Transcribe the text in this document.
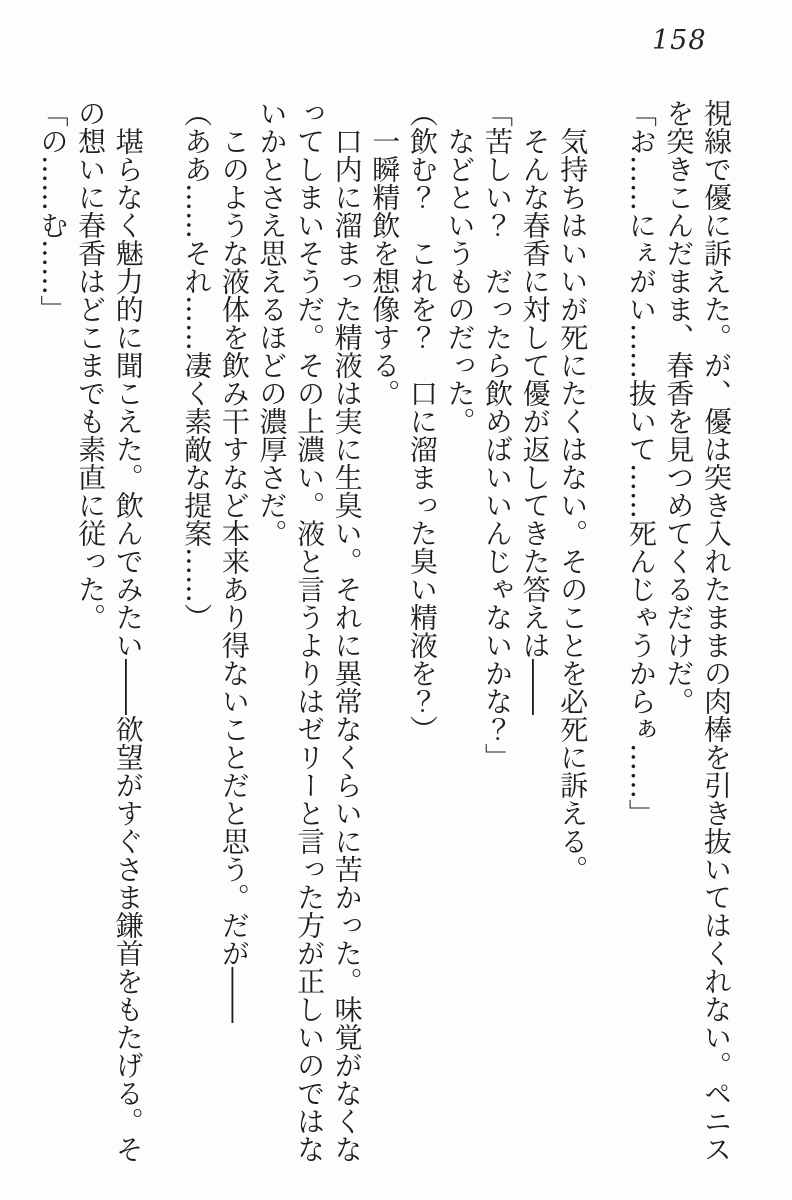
158

視線で優に訴えた。が、優は突き入れたままの肉棒を引き抜いてはくれない。ペニス

を突きこんだまま、春香を見つめてくるだけだ。

「お……にぇがい……抜いて……死んじゃうからぁ……」

　気持ちはいいが死にたくはない。そのことを必死に訴える。

　そんな春香に対して優が返してきた答えは――

「苦しい？　だったら飲めばいいんじゃないかな？」

　などというものだった。

（飲む？　これを？　口に溜まった臭い精液を？）

　一瞬精飲を想像する。

　口内に溜まった精液は実に生臭い。それに異常なくらいに苦かった。味覚がなくな

ってしまいそうだ。その上濃い。液と言うよりはゼリーと言った方が正しいのではな

いかとさえ思えるほどの濃厚さだ。

　このような液体を飲み干すなど本来あり得ないことだと思う。だが――

（ああ……それ……凄く素敵な提案……）

　堪らなく魅力的に聞こえた。飲んでみたい――欲望がすぐさま鎌首をもたげる。そ

の想いに春香はどこまでも素直に従った。

「の……む……」
